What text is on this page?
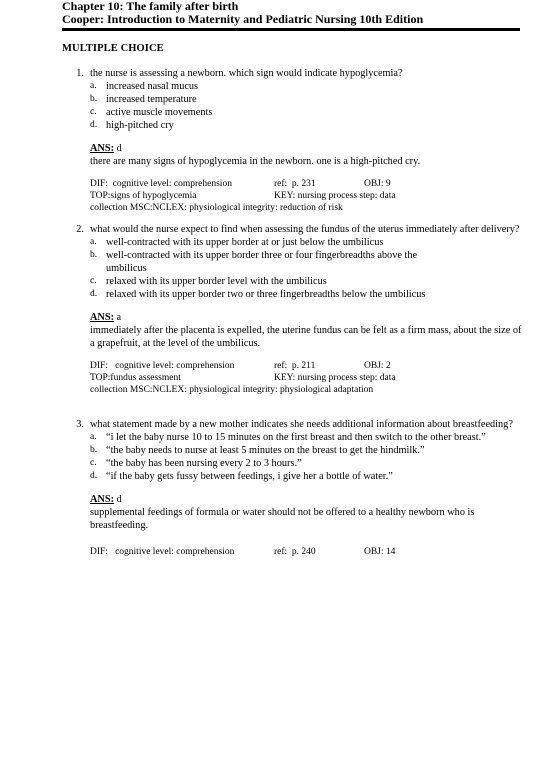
Chapter 10: The family after birth
Cooper: Introduction to Maternity and Pediatric Nursing 10th Edition
MULTIPLE CHOICE
1. the nurse is assessing a newborn. which sign would indicate hypoglycemia?
a. increased nasal mucus
b. increased temperature
c. active muscle movements
d. high-pitched cry
ANS: d
there are many signs of hypoglycemia in the newborn. one is a high-pitched cry.
DIF:  cognitive level: comprehension	ref:  p. 231	OBJ: 9
TOP:signs of hypoglycemia	KEY: nursing process step: data
collection MSC:NCLEX: physiological integrity: reduction of risk
2. what would the nurse expect to find when assessing the fundus of the uterus immediately after delivery?
a. well-contracted with its upper border at or just below the umbilicus
b. well-contracted with its upper border three or four fingerbreadths above the umbilicus
c. relaxed with its upper border level with the umbilicus
d. relaxed with its upper border two or three fingerbreadths below the umbilicus
ANS: a
immediately after the placenta is expelled, the uterine fundus can be felt as a firm mass, about the size of a grapefruit, at the level of the umbilicus.
DIF:   cognitive level: comprehension	ref:  p. 211	OBJ: 2
TOP:fundus assessment	KEY: nursing process step: data
collection MSC:NCLEX: physiological integrity: physiological adaptation
3. what statement made by a new mother indicates she needs additional information about breastfeeding?
a. “i let the baby nurse 10 to 15 minutes on the first breast and then switch to the other breast.”
b. “the baby needs to nurse at least 5 minutes on the breast to get the hindmilk.”
c. “the baby has been nursing every 2 to 3 hours.”
d. “if the baby gets fussy between feedings, i give her a bottle of water.”
ANS: d
supplemental feedings of formula or water should not be offered to a healthy newborn who is breastfeeding.
DIF:   cognitive level: comprehension	ref:  p. 240	OBJ: 14
